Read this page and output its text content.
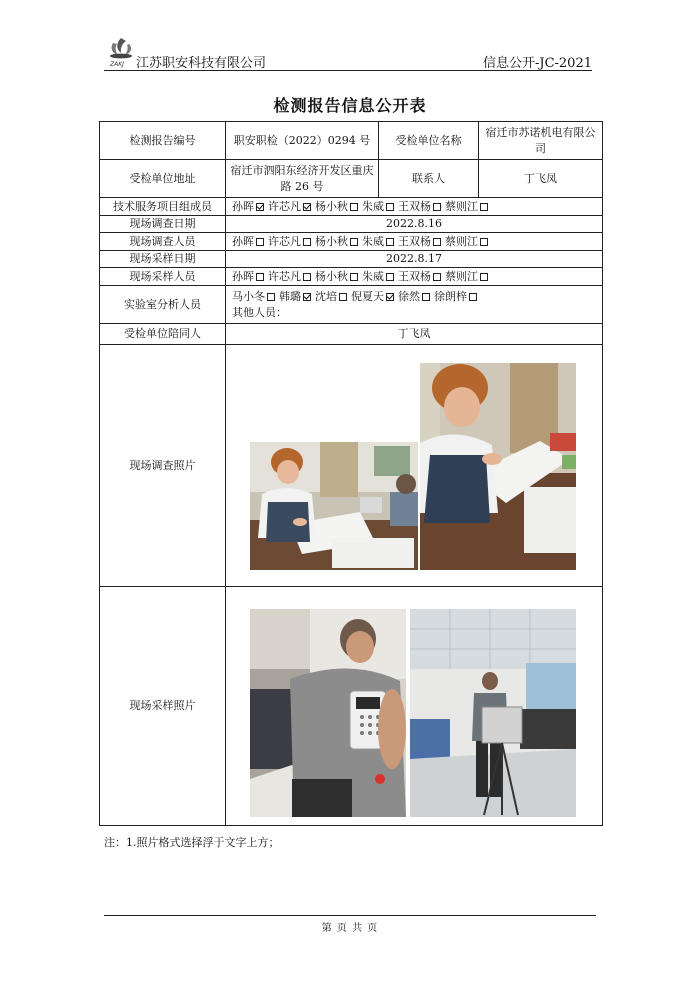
ZAKJ 江苏职安科技有限公司	信息公开-JC-2021
检测报告信息公开表
检测报告编号	职安职检（2022）0294 号	受检单位名称	宿迁市苏诺机电有限公司
受检单位地址	宿迁市泗阳东经济开发区重庆路 26 号	联系人	丁飞凤
技术服务项目组成员	孙晖 许芯凡 杨小秋 朱威 王双杨 蔡则江		
现场调查日期	2022.8.16		
现场调查人员	孙晖 许芯凡 杨小秋 朱威 王双杨 蔡则江		
现场采样日期	2022.8.17		
现场采样人员	孙晖 许芯凡 杨小秋 朱威 王双杨 蔡则江		
实验室分析人员	马小冬 韩璐 沈培 倪夏天 徐然 徐朗梓
其他人员：		

受检单位陪同人	丁飞凤		
现场调查照片	

现场采样照片	
注：1.照片格式选择浮于文字上方；
第 页 共 页
